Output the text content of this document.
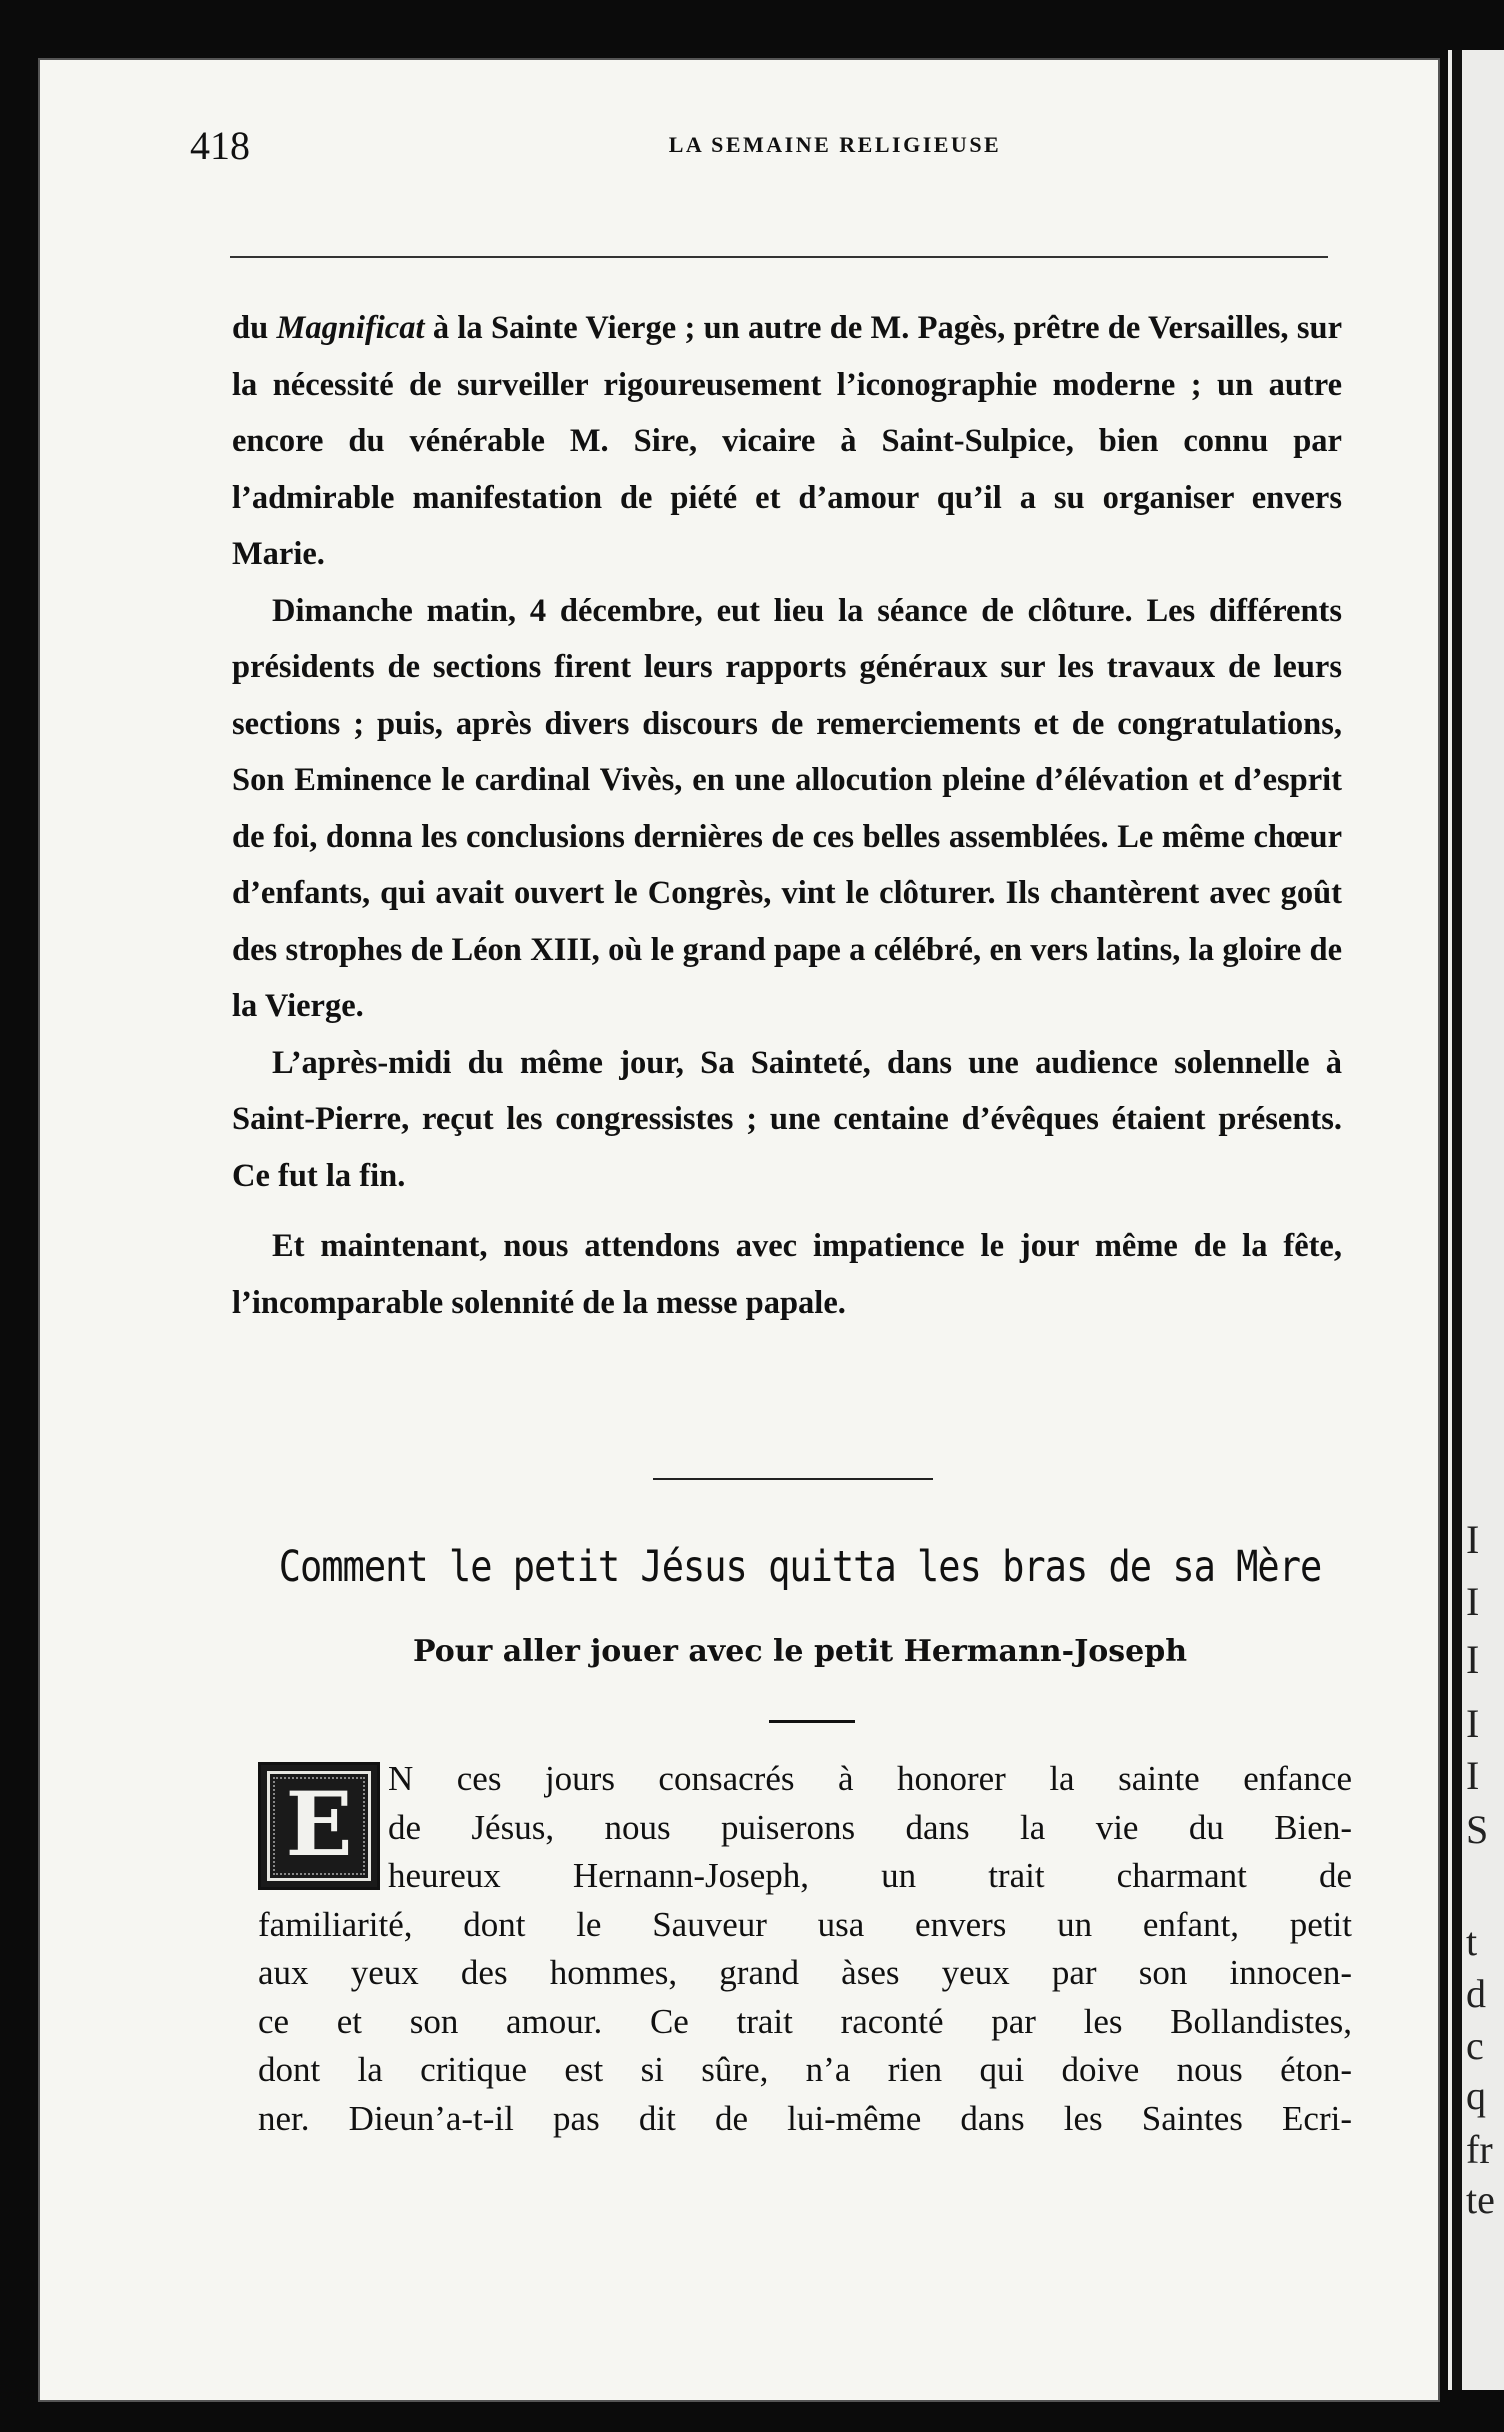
I
I
I
I
I
S
t
d
c
q
fr
te
418	LA SEMAINE RELIGIEUSE

du Magnificat à la Sainte Vierge ; un autre de M. Pagès, prêtre de Versailles, sur la nécessité de surveiller rigoureusement l’iconographie moderne ; un autre encore du vénérable M. Sire, vicaire à Saint-Sulpice, bien connu par l’admirable manifestation de piété et d’amour qu’il a su organiser envers Marie.

Dimanche matin, 4 décembre, eut lieu la séance de clôture. Les différents présidents de sections firent leurs rapports généraux sur les travaux de leurs sections ; puis, après divers discours de remerciements et de congratulations, Son Eminence le cardinal Vivès, en une allocution pleine d’élévation et d’esprit de foi, donna les conclusions dernières de ces belles assemblées. Le même chœur d’enfants, qui avait ouvert le Congrès, vint le clôturer. Ils chantèrent avec goût des strophes de Léon XIII, où le grand pape a célébré, en vers latins, la gloire de la Vierge.

L’après-midi du même jour, Sa Sainteté, dans une audience solennelle à Saint-Pierre, reçut les congressistes ; une centaine d’évêques étaient présents. Ce fut la fin.

Et maintenant, nous attendons avec impatience le jour même de la fête, l’incomparable solennité de la messe papale.

Comment le petit Jésus quitta les bras de sa Mère
Pour aller jouer avec le petit Hermann-Joseph
E	N ces jours consacrés à honorer la sainte enfance
de Jésus, nous puiserons dans la vie du Bien-
heureux Hernann-Joseph, un trait charmant de
familiarité, dont le Sauveur usa envers un enfant, petit
aux yeux des hommes, grand àses yeux par son innocen-
ce et son amour. Ce trait raconté par les Bollandistes,
dont la critique est si sûre, n’a rien qui doive nous éton-
ner. Dieun’a-t-il pas dit de lui-même dans les Saintes Ecri-
